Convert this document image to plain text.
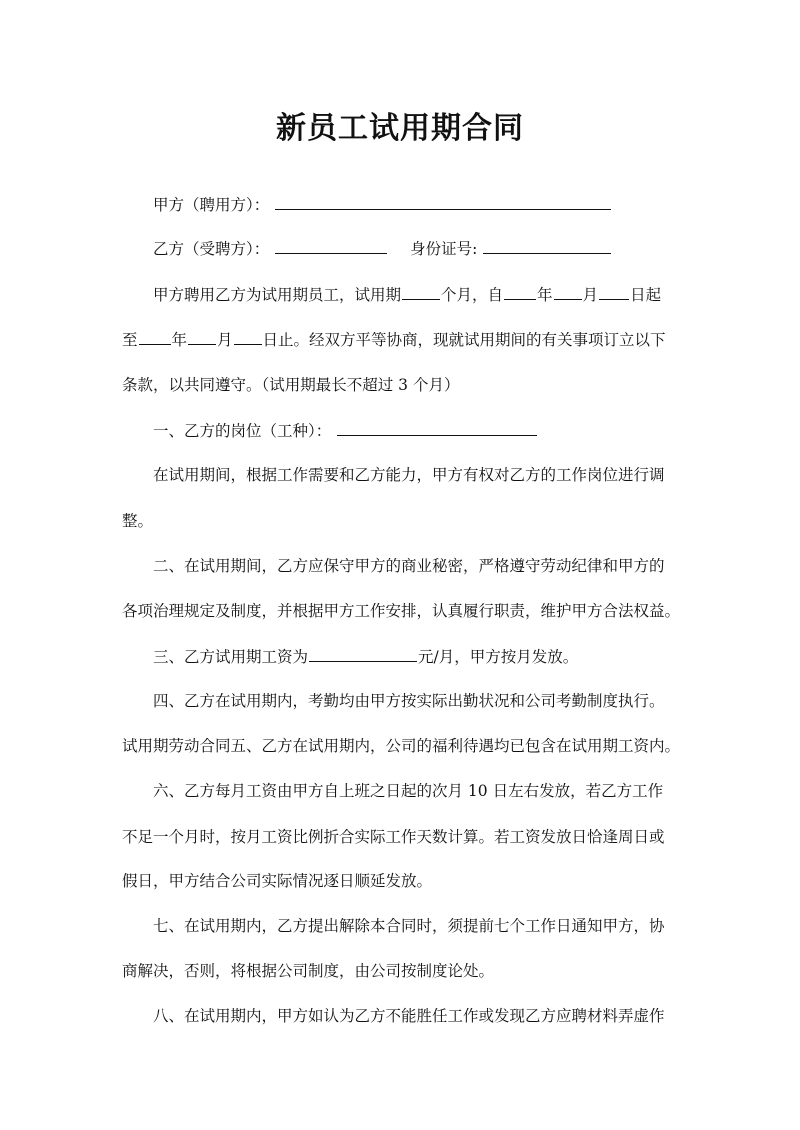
新员工试用期合同
甲方（聘用方）：
乙方（受聘方）：	身份证号:
甲方聘用乙方为试用期员工，试用期	个月，自 年 月 日起
至 年 月 日止。经双方平等协商，现就试用期间的有关事项订立以下
条款，以共同遵守。（试用期最长不超过 3 个月）
一、乙方的岗位（工种）：
在试用期间，根据工作需要和乙方能力，甲方有权对乙方的工作岗位进行调
整。
二、在试用期间，乙方应保守甲方的商业秘密，严格遵守劳动纪律和甲方的
各项治理规定及制度，并根据甲方工作安排，认真履行职责，维护甲方合法权益。
三、乙方试用期工资为	元/月，甲方按月发放。
四、乙方在试用期内，考勤均由甲方按实际出勤状况和公司考勤制度执行。
试用期劳动合同五、乙方在试用期内，公司的福利待遇均已包含在试用期工资内。
六、乙方每月工资由甲方自上班之日起的次月 10 日左右发放，若乙方工作
不足一个月时，按月工资比例折合实际工作天数计算。若工资发放日恰逢周日或
假日，甲方结合公司实际情况逐日顺延发放。
七、在试用期内，乙方提出解除本合同时，须提前七个工作日通知甲方，协
商解决，否则，将根据公司制度，由公司按制度论处。
八、在试用期内，甲方如认为乙方不能胜任工作或发现乙方应聘材料弄虚作
